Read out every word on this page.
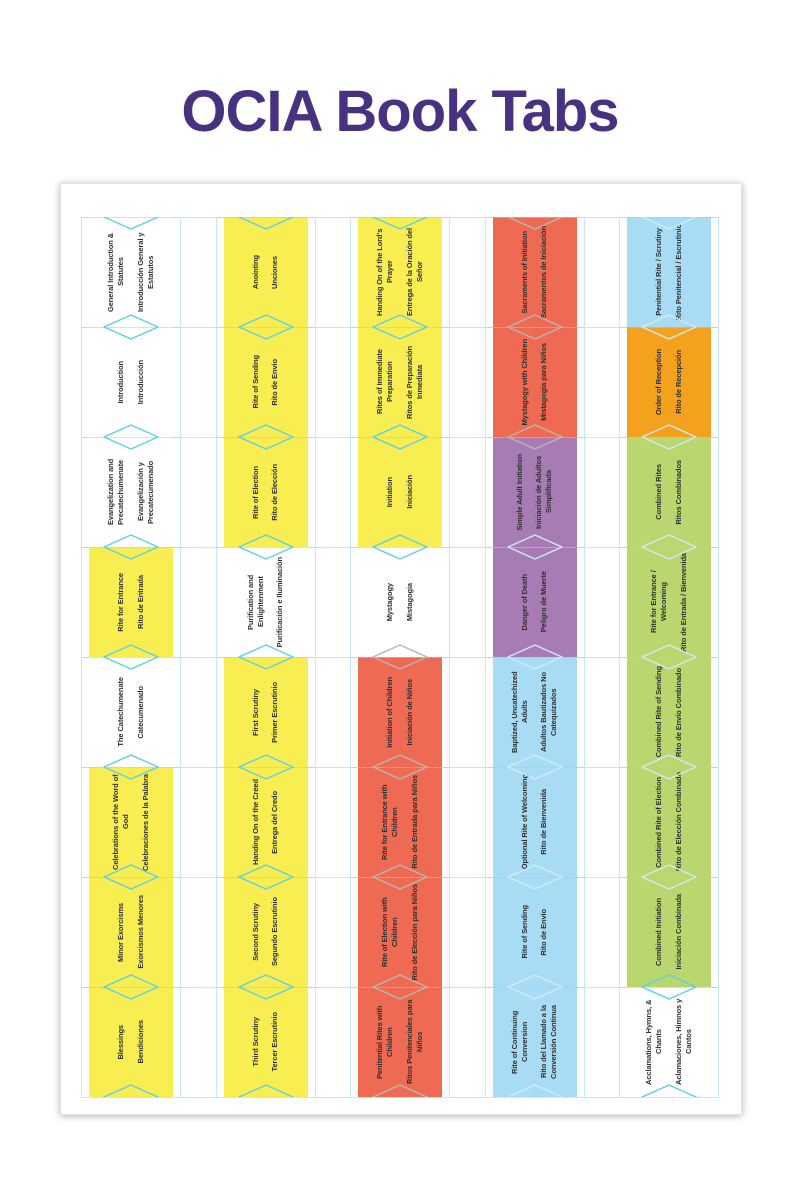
OCIA Book Tabs
General Introduction & Statutes Introducción General y Estatutos
Introduction Introducción
Evangelization and Precatechumenate Evangelización y Precatecumenado
Rite for Entrance Rito de Entrada
The Catechumenate Catecumenado
Celebrations of the Word of God Celebraciones de la Palabra
Minor Exorcisms Exorcismos Menores
Blessings Bendiciones
Anointing Unciones
Rite of Sending Rito de Envío
Rite of Election Rito de Elección
Purification and Enlightenment Purificación e Iluminación
First Scrutiny Primer Escrutinio
Handing On of the Creed Entrega del Credo
Second Scrutiny Segundo Escrutinio
Third Scrutiny Tercer Escrutinio
Handing On of the Lord's Prayer Entrega de la Oración del Señor
Rites of Immediate Preparation Ritos de Preparación Inmediata
Initiation Iniciación
Mystagogy Mistagogia
Initiation of Children Iniciación de Niños
Rite for Entrance with Children Rito de Entrada para Niños
Rite of Election with Children Rito de Elección para Niños
Penitential Rites with Children Ritos Penitenciales para Niños
Sacraments of Initiation Sacramentos de Iniciación
Mystagogy with Children Mistagogia para Niños
Simple Adult Initiation Iniciación de Adultos Simplificada
Danger of Death Peligro de Muerte
Baptized, Uncatechized Adults Adultos Bautizados No Catequizados
Optional Rite of Welcoming Rito de Bienvenida
Rite of Sending Rito de Envío
Rite of Continuing Conversion Rito del Llamado a la Conversión Continua
Penitential Rite / Scrutiny Rito Penitencial / Escrutinio
Order of Reception Rito de Recepción
Combined Rites Ritos Combinados
Rite for Entrance / Welcoming Rito de Entrada / Bienvenida
Combined Rite of Sending Rito de Envío Combinado
Combined Rite of Election Rito de Elección Combinado
Combined Initiation Iniciación Combinada
Acclamations, Hymns, & Chants Aclamaciones, Himnos y Cantos
